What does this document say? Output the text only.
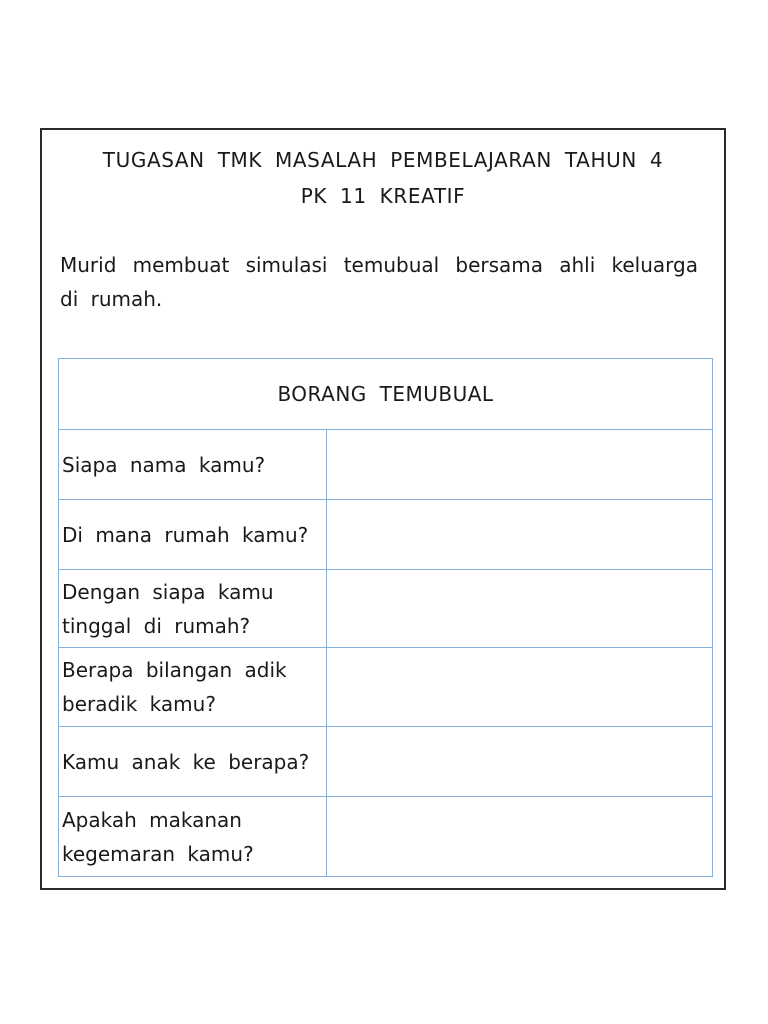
TUGASAN TMK MASALAH PEMBELAJARAN TAHUN 4
PK 11 KREATIF
Murid membuat simulasi temubual bersama ahli keluarga di rumah.
BORANG TEMUBUAL	
Siapa nama kamu?	
Di mana rumah kamu?	
Dengan siapa kamu tinggal di rumah?	
Berapa bilangan adik beradik kamu?	
Kamu anak ke berapa?	
Apakah makanan kegemaran kamu?	
